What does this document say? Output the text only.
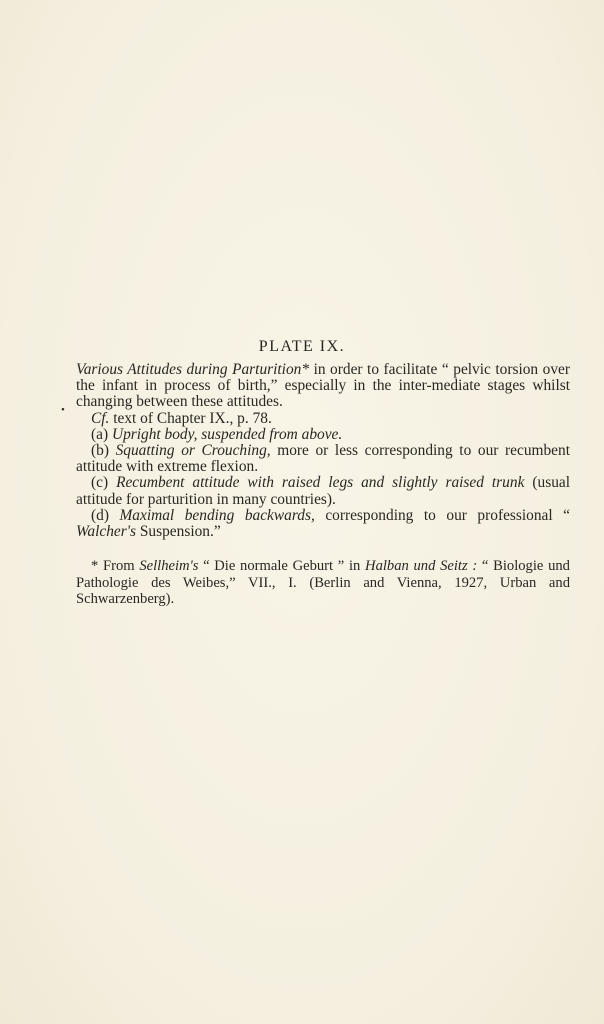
PLATE IX.
•

Various Attitudes during Parturition* in order to facilitate “ pelvic torsion over the infant in process of birth,” especially in the inter-mediate stages whilst changing between these attitudes.

Cf. text of Chapter IX., p. 78.

(a) Upright body, suspended from above.

(b) Squatting or Crouching, more or less corresponding to our recumbent attitude with extreme flexion.

(c) Recumbent attitude with raised legs and slightly raised trunk (usual attitude for parturition in many countries).

(d) Maximal bending backwards, corresponding to our professional “ Walcher's Suspension.”

* From Sellheim's “ Die normale Geburt ” in Halban und Seitz : “ Biologie und Pathologie des Weibes,” VII., I. (Berlin and Vienna, 1927, Urban and Schwarzenberg).
